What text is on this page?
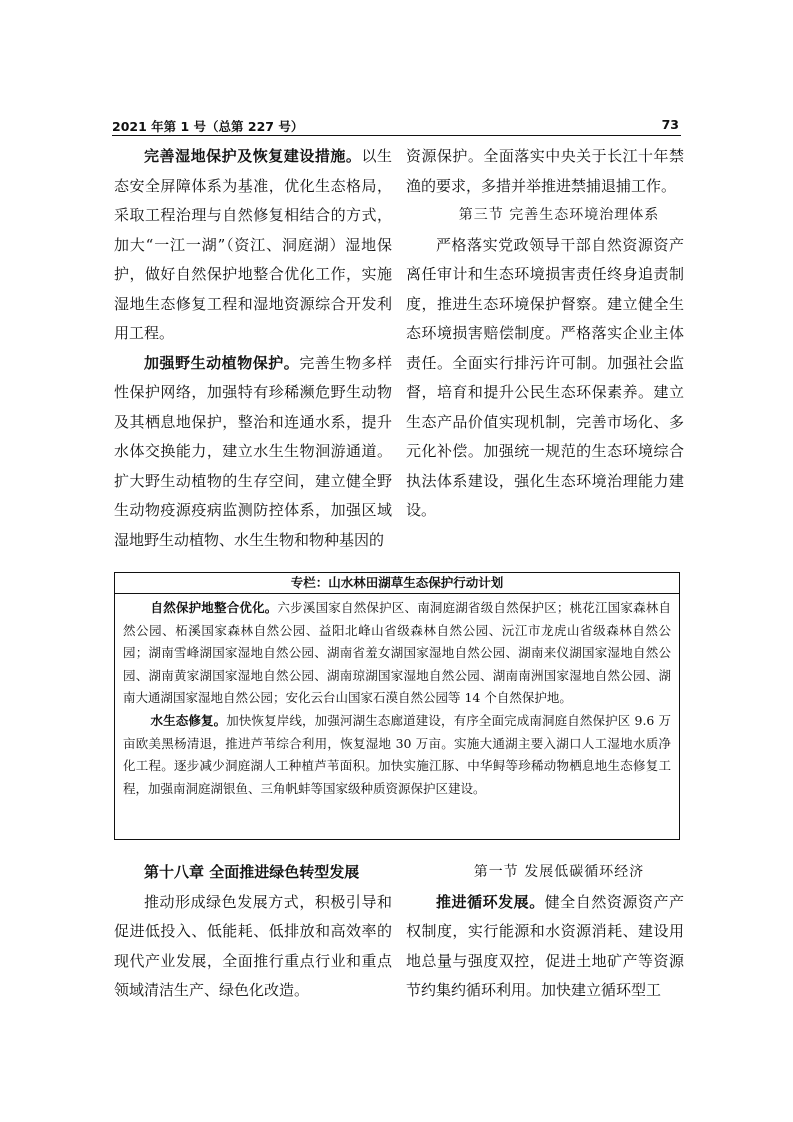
2021 年第 1 号（总第 227 号）	73

完善湿地保护及恢复建设措施。以生态安全屏障体系为基准，优化生态格局，采取工程治理与自然修复相结合的方式，加大“一江一湖”（资江、洞庭湖）湿地保护，做好自然保护地整合优化工作，实施湿地生态修复工程和湿地资源综合开发利用工程。

加强野生动植物保护。完善生物多样性保护网络，加强特有珍稀濒危野生动物及其栖息地保护，整治和连通水系，提升水体交换能力，建立水生生物洄游通道。扩大野生动植物的生存空间，建立健全野生动物疫源疫病监测防控体系，加强区域湿地野生动植物、水生生物和物种基因的

资源保护。全面落实中央关于长江十年禁渔的要求，多措并举推进禁捕退捕工作。

第三节 完善生态环境治理体系

严格落实党政领导干部自然资源资产离任审计和生态环境损害责任终身追责制度，推进生态环境保护督察。建立健全生态环境损害赔偿制度。严格落实企业主体责任。全面实行排污许可制。加强社会监督，培育和提升公民生态环保素养。建立生态产品价值实现机制，完善市场化、多元化补偿。加强统一规范的生态环境综合执法体系建设，强化生态环境治理能力建设。

专栏：山水林田湖草生态保护行动计划

自然保护地整合优化。六步溪国家自然保护区、南洞庭湖省级自然保护区；桃花江国家森林自然公园、柘溪国家森林自然公园、益阳北峰山省级森林自然公园、沅江市龙虎山省级森林自然公园；湖南雪峰湖国家湿地自然公园、湖南省羞女湖国家湿地自然公园、湖南来仪湖国家湿地自然公园、湖南黄家湖国家湿地自然公园、湖南琼湖国家湿地自然公园、湖南南洲国家湿地自然公园、湖南大通湖国家湿地自然公园；安化云台山国家石漠自然公园等 14 个自然保护地。

水生态修复。加快恢复岸线，加强河湖生态廊道建设，有序全面完成南洞庭自然保护区 9.6 万亩欧美黑杨清退，推进芦苇综合利用，恢复湿地 30 万亩。实施大通湖主要入湖口人工湿地水质净化工程。逐步减少洞庭湖人工种植芦苇面积。加快实施江豚、中华鲟等珍稀动物栖息地生态修复工程，加强南洞庭湖银鱼、三角帆蚌等国家级种质资源保护区建设。

第十八章 全面推进绿色转型发展

推动形成绿色发展方式，积极引导和促进低投入、低能耗、低排放和高效率的现代产业发展，全面推行重点行业和重点领域清洁生产、绿色化改造。

第一节 发展低碳循环经济

推进循环发展。健全自然资源资产产权制度，实行能源和水资源消耗、建设用地总量与强度双控，促进土地矿产等资源节约集约循环利用。加快建立循环型工
